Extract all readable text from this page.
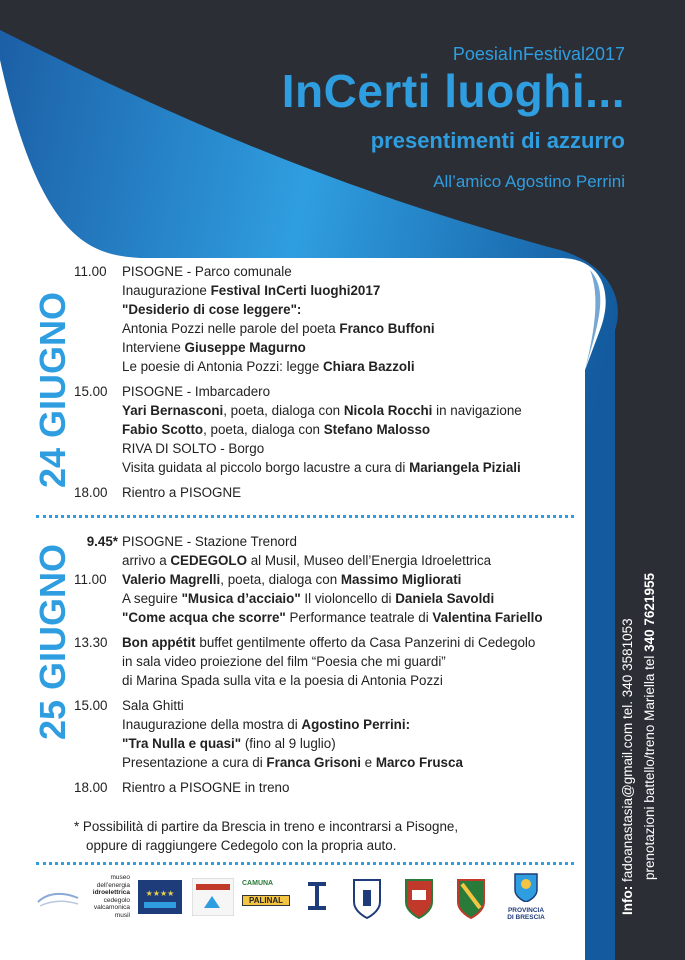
PoesiaInFestival2017
InCerti luoghi...
presentimenti di azzurro
All’amico Agostino Perrini
24 GIUGNO
25 GIUGNO
11.00	PISOGNE - Parco comunale
Inaugurazione Festival InCerti luoghi2017
"Desiderio di cose leggere":
Antonia Pozzi nelle parole del poeta Franco Buffoni
Interviene Giuseppe Magurno
Le poesie di Antonia Pozzi: legge Chiara Bazzoli
15.00	PISOGNE - Imbarcadero
Yari Bernasconi, poeta, dialoga con Nicola Rocchi in navigazione
Fabio Scotto, poeta, dialoga con Stefano Malosso
RIVA DI SOLTO - Borgo
Visita guidata al piccolo borgo lacustre a cura di Mariangela Piziali
18.00	Rientro a PISOGNE
9.45* PISOGNE - Stazione Trenord
arrivo a CEDEGOLO al Musil, Museo dell’Energia Idroelettrica
11.00	Valerio Magrelli, poeta, dialoga con Massimo Migliorati
A seguire "Musica d’acciaio" Il violoncello di Daniela Savoldi
"Come acqua che scorre" Performance teatrale di Valentina Fariello
13.30	Bon appétit buffet gentilmente offerto da Casa Panzerini di Cedegolo
in sala video proiezione del film “Poesia che mi guardi”
di Marina Spada sulla vita e la poesia di Antonia Pozzi
15.00	Sala Ghitti
Inaugurazione della mostra di Agostino Perrini:
"Tra Nulla e quasi" (fino al 9 luglio)
Presentazione a cura di Franca Grisoni e Marco Frusca
18.00	Rientro a PISOGNE in treno
* Possibilità di partire da Brescia in treno e incontrarsi a Pisogne,
oppure di raggiungere Cedegolo con la propria auto.
Info: fadoanastasia@gmail.com tel. 340 3581053 prenotazioni battello/treno Mariella tel 340 7621955
museo
dell’energia
idroelettrica
cedegolo
valcamonica
musil
★★★★
CAMUNA
PALINAL
PROVINCIA
DI BRESCIA
